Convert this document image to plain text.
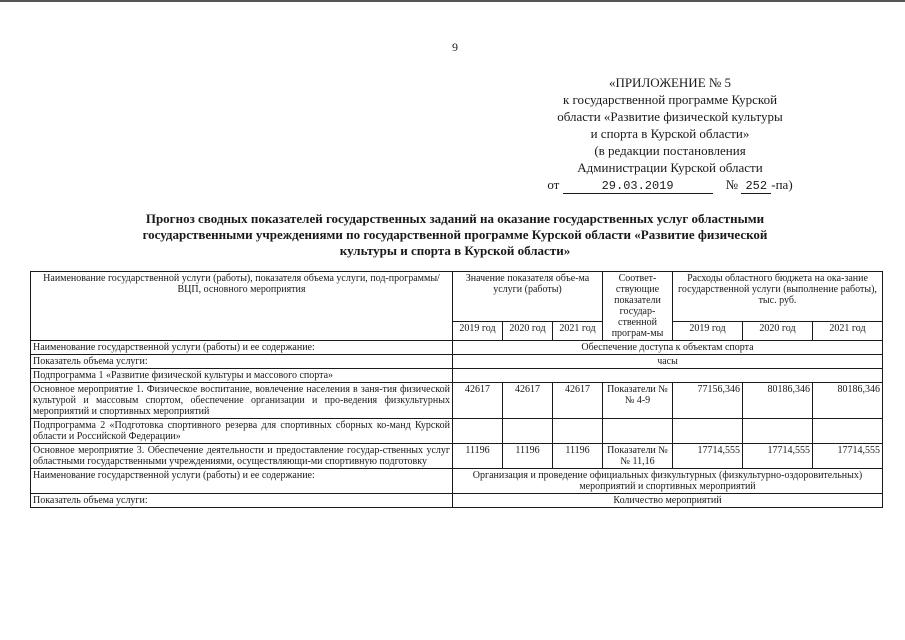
9
«ПРИЛОЖЕНИЕ № 5
к государственной программе Курской
области «Развитие физической культуры
и спорта в Курской области»
(в редакции постановления
Администрации Курской области
от	29.03.2019	№ 252 -па)
Прогноз сводных показателей государственных заданий на оказание государственных услуг областными
государственными учреждениями по государственной программе Курской области «Развитие физической
культуры и спорта в Курской области»
Наименование государственной услуги (работы), показателя объема услуги, под-программы/ВЦП, основного мероприятия	Значение показателя объе-ма услуги (работы)			Соответ-ствующие показатели государ-ственной програм-мы	Расходы областного бюджета на ока-зание государственной услуги (выполнение работы), тыс. руб.		
	2019 год	2020 год	2021 год		2019 год	2020 год	2021 год
Наименование государственной услуги (работы) и ее содержание:	Обеспечение доступа к объектам спорта						
Показатель объема услуги:	часы						
Подпрограмма 1 «Развитие физической культуры и массового спорта»							
Основное мероприятие 1. Физическое воспитание, вовлечение населения в заня-тия физической культурой и массовым спортом, обеспечение организации и про-ведения физкультурных мероприятий и спортивных мероприятий	42617	42617	42617	Показатели №№ 4-9	77156,346	80186,346	80186,346
Подпрограмма 2 «Подготовка спортивного резерва для спортивных сборных ко-манд Курской области и Российской Федерации»							
Основное мероприятие 3. Обеспечение деятельности и предоставление государ-ственных услуг областными государственными учреждениями, осуществляющи-ми спортивную подготовку	11196	11196	11196	Показатели №№ 11,16	17714,555	17714,555	17714,555
Наименование государственной услуги (работы) и ее содержание:	Организация и проведение официальных физкультурных (физкультурно-оздоровительных) мероприятий и спортивных мероприятий						
Показатель объема услуги:	Количество мероприятий						
